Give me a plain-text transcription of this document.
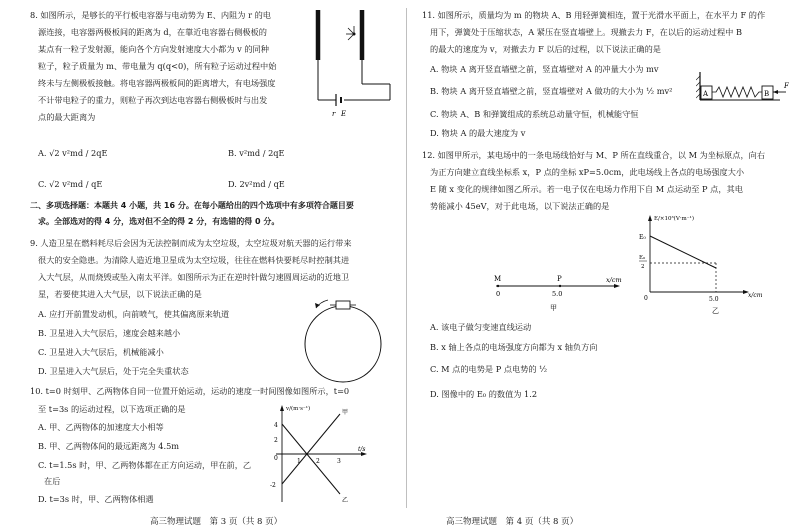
8. 如图所示，是够长的平行板电容器与电动势为 E、内阻为 r 的电
源连接，电容器两极板间的距离为 d，在靠近电容器右侧极板的
某点有一粒子发射源，能向各个方向发射速度大小都为 v 的同种
粒子，粒子质量为 m、带电量为 q(q<0)，所有粒子运动过程中始
终未与左侧极板接触。将电容器两极板间的距离增大，有电场强度
不计带电粒子的重力，则粒子再次到达电容器右侧极板时与出发
点的最大距离为	r E
A. √2 v²md / 2qE	B. v²md / 2qE
C. √2 v²md / qE	D. 2v²md / qE
二、多项选择题：本题共 4 小题，共 16 分。在每小题给出的四个选项中有多项符合题目要
求。全部选对的得 4 分，选对但不全的得 2 分，有选错的得 0 分。
9. 人造卫星在燃料耗尽后会因为无法控制而成为太空垃圾，太空垃圾对航天器的运行带来
很大的安全隐患。为清除人造近地卫星成为太空垃圾，往往在燃料快要耗尽时控制其进
入大气层，从而烧毁或坠入南太平洋。如图所示为正在逆时针做匀速圆周运动的近地卫
星，若要使其进入大气层，以下说法正确的是
A. 应打开前置发动机，向前喷气，使其偏离原来轨道
B. 卫星进入大气层后，速度会越来越小
C. 卫星进入大气层后，机械能减小
D. 卫星进入大气层后，处于完全失重状态
10. t=0 时刻甲、乙两物体自同一位置开始运动，运动的速度一时间图像如图所示，t=0
至 t=3s 的运动过程，以下选项正确的是
A. 甲、乙两物体的加速度大小相等
B. 甲、乙两物体间的最远距离为 4.5m
C. t=1.5s 时，甲、乙两物体都在正方向运动，甲在前，乙
在后
D. t=3s 时，甲、乙两物体相遇
v/(m·s⁻¹)
t/s
4
2
0
-2
1	2	3
甲
乙
高三物理试题　第 3 页（共 8 页）
11. 如图所示，质量均为 m 的物块 A、B 用轻弹簧相连，置于光滑水平面上，在水平力 F 的作
用下，弹簧处于压缩状态，A 紧压在竖直墙壁上。现撤去力 F，在以后的运动过程中 B
的最大的速度为 v，对撤去力 F 以后的过程，以下说法正确的是
A. 物块 A 离开竖直墙壁之前，竖直墙壁对 A 的冲量大小为 mv
B. 物块 A 离开竖直墙壁之前，竖直墙壁对 A 做功的大小为 ½ mv²
C. 物块 A、B 和弹簧组成的系统总动量守恒，机械能守恒
D. 物块 A 的最大速度为 v
A	B
F
12. 如图甲所示，某电场中的一条电场线恰好与 M、P 所在直线重合，以 M 为坐标原点，向右
为正方向建立直线坐标系 x，P 点的坐标 xP=5.0cm，此电场线上各点的电场强度大小
E 随 x 变化的规律如图乙所示。若一电子仅在电场力作用下自 M 点运动至 P 点，其电
势能减小 45eV，对于此电场，以下说法正确的是
M	P
0	5.0
x/cm
甲
E/×10³(V·m⁻¹)
E₀
E₀
2
0	5.0
x/cm
乙
A. 该电子做匀变速直线运动
B. x 轴上各点的电场强度方向都为 x 轴负方向
C. M 点的电势是 P 点电势的 ½
D. 图像中的 E₀ 的数值为 1.2
高三物理试题　第 4 页（共 8 页）
